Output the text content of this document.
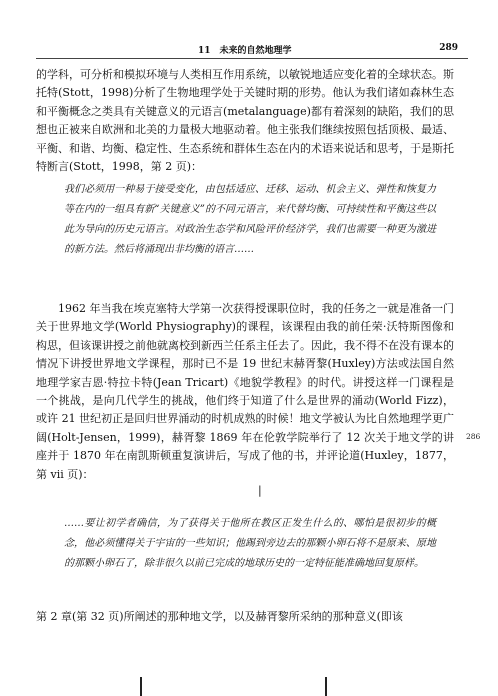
11　未来的自然地理学	289

的学科，可分析和模拟环境与人类相互作用系统，以敏锐地适应变化着的全球状态。斯托特(Stott，1998)分析了生物地理学处于关键时期的形势。他认为我们诸如森林生态和平衡概念之类具有关键意义的元语言(metalanguage)都有着深刻的缺陷，我们的思想也正被来自欧洲和北美的力量极大地驱动着。他主张我们继续按照包括顶极、最适、平衡、和谐、均衡、稳定性、生态系统和群体生态在内的术语来说话和思考，于是斯托特断言(Stott，1998，第 2 页)：

我们必须用一种易于接受变化，由包括适应、迁移、运动、机会主义、弹性和恢复力等在内的一组具有新“关键意义”的不同元语言，来代替均衡、可持续性和平衡这些以此为导向的历史元语言。对政治生态学和风险评价经济学，我们也需要一种更为激进的新方法。然后将涌现出非均衡的语言……

1962 年当我在埃克塞特大学第一次获得授课职位时，我的任务之一就是准备一门关于世界地文学(World Physiography)的课程，该课程由我的前任荣·沃特斯图像和构思，但该课讲授之前他就离校到新西兰任系主任去了。因此，我不得不在没有课本的情况下讲授世界地文学课程，那时已不是 19 世纪末赫胥黎(Huxley)方法或法国自然地理学家吉恩·特拉卡特(Jean Tricart)《地貌学教程》的时代。讲授这样一门课程是一个挑战，是向几代学生的挑战，他们终于知道了什么是世界的涌动(World Fizz)，或许 21 世纪初正是回归世界涌动的时机成熟的时候！地文学被认为比自然地理学更广阔(Holt-Jensen，1999)，赫胥黎 1869 年在伦敦学院举行了 12 次关于地文学的讲座并于 1870 年在南凯斯顿重复演讲后，写成了他的书，并评论道(Huxley，1877，第 vii 页)：

286
|

……要让初学者确信，为了获得关于他所在教区正发生什么的、哪怕是很初步的概念，他必须懂得关于宇宙的一些知识；他踢到旁边去的那颗小卵石将不是原来、原地的那颗小卵石了，除非很久以前已完成的地球历史的一定特征能准确地回复原样。

第 2 章(第 32 页)所阐述的那种地文学，以及赫胥黎所采纳的那种意义(即该
